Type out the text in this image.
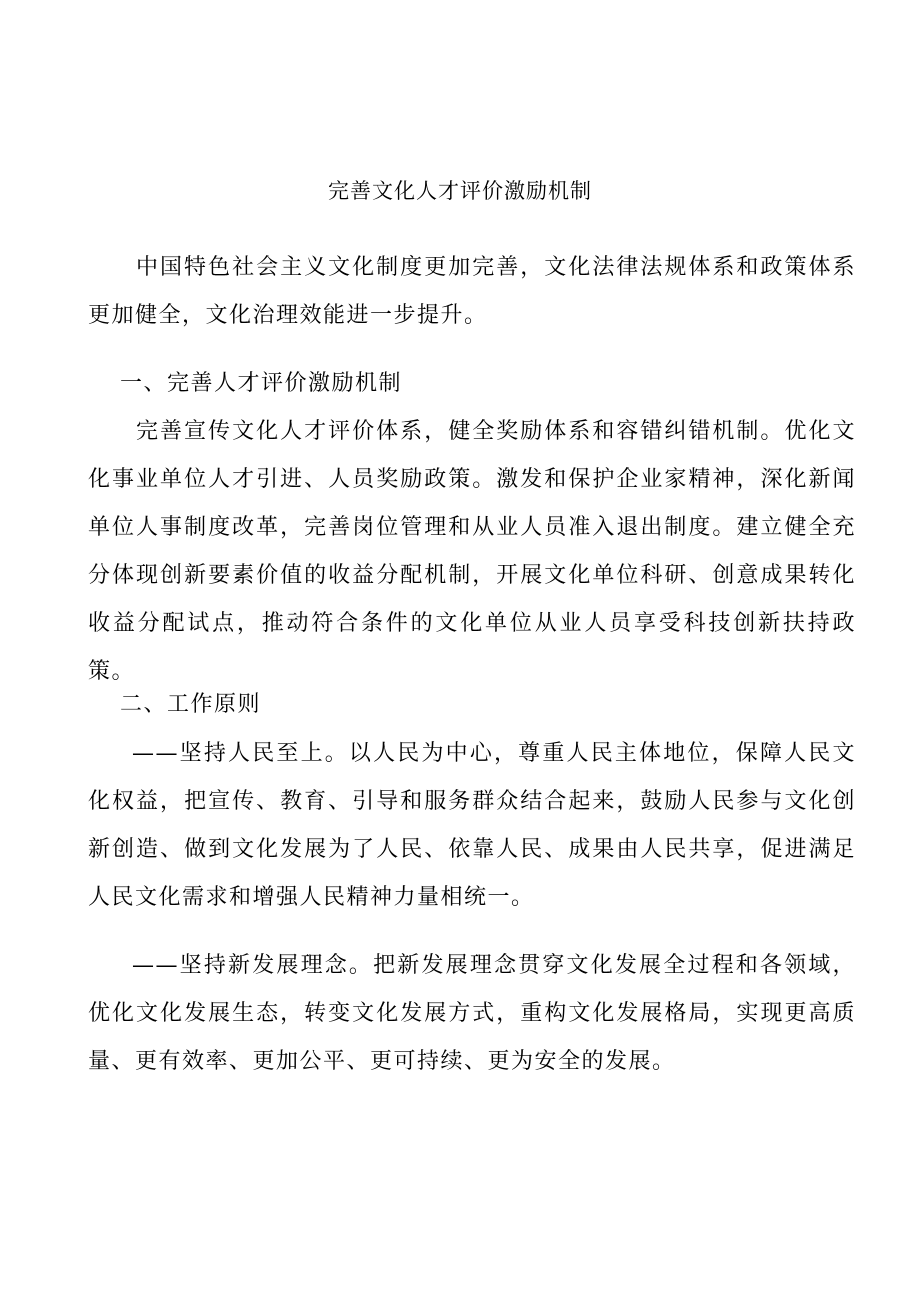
完善文化人才评价激励机制

中国特色社会主义文化制度更加完善，文化法律法规体系和政策体系更加健全，文化治理效能进一步提升。

一、完善人才评价激励机制

完善宣传文化人才评价体系，健全奖励体系和容错纠错机制。优化文化事业单位人才引进、人员奖励政策。激发和保护企业家精神，深化新闻单位人事制度改革，完善岗位管理和从业人员准入退出制度。建立健全充分体现创新要素价值的收益分配机制，开展文化单位科研、创意成果转化收益分配试点，推动符合条件的文化单位从业人员享受科技创新扶持政策。

二、工作原则

——坚持人民至上。以人民为中心，尊重人民主体地位，保障人民文化权益，把宣传、教育、引导和服务群众结合起来，鼓励人民参与文化创新创造、做到文化发展为了人民、依靠人民、成果由人民共享，促进满足人民文化需求和增强人民精神力量相统一。

——坚持新发展理念。把新发展理念贯穿文化发展全过程和各领域，优化文化发展生态，转变文化发展方式，重构文化发展格局，实现更高质量、更有效率、更加公平、更可持续、更为安全的发展。
